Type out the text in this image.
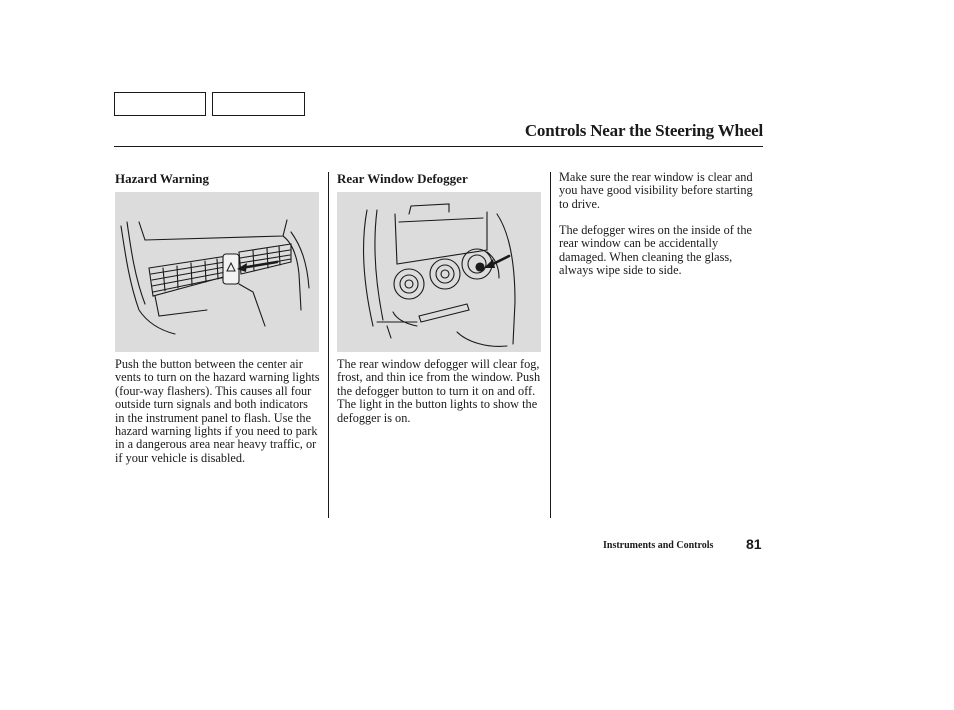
Controls Near the Steering Wheel
Hazard Warning
Push the button between the center air vents to turn on the hazard warning lights (four-way flashers). This causes all four outside turn signals and both indicators in the instrument panel to flash. Use the hazard warning lights if you need to park in a dangerous area near heavy traffic, or if your vehicle is disabled.
Rear Window Defogger
The rear window defogger will clear fog, frost, and thin ice from the window. Push the defogger button to turn it on and off. The light in the button lights to show the defogger is on.
Make sure the rear window is clear and you have good visibility before starting to drive.
The defogger wires on the inside of the rear window can be accidentally damaged. When cleaning the glass, always wipe side to side.
Instruments and Controls 81
